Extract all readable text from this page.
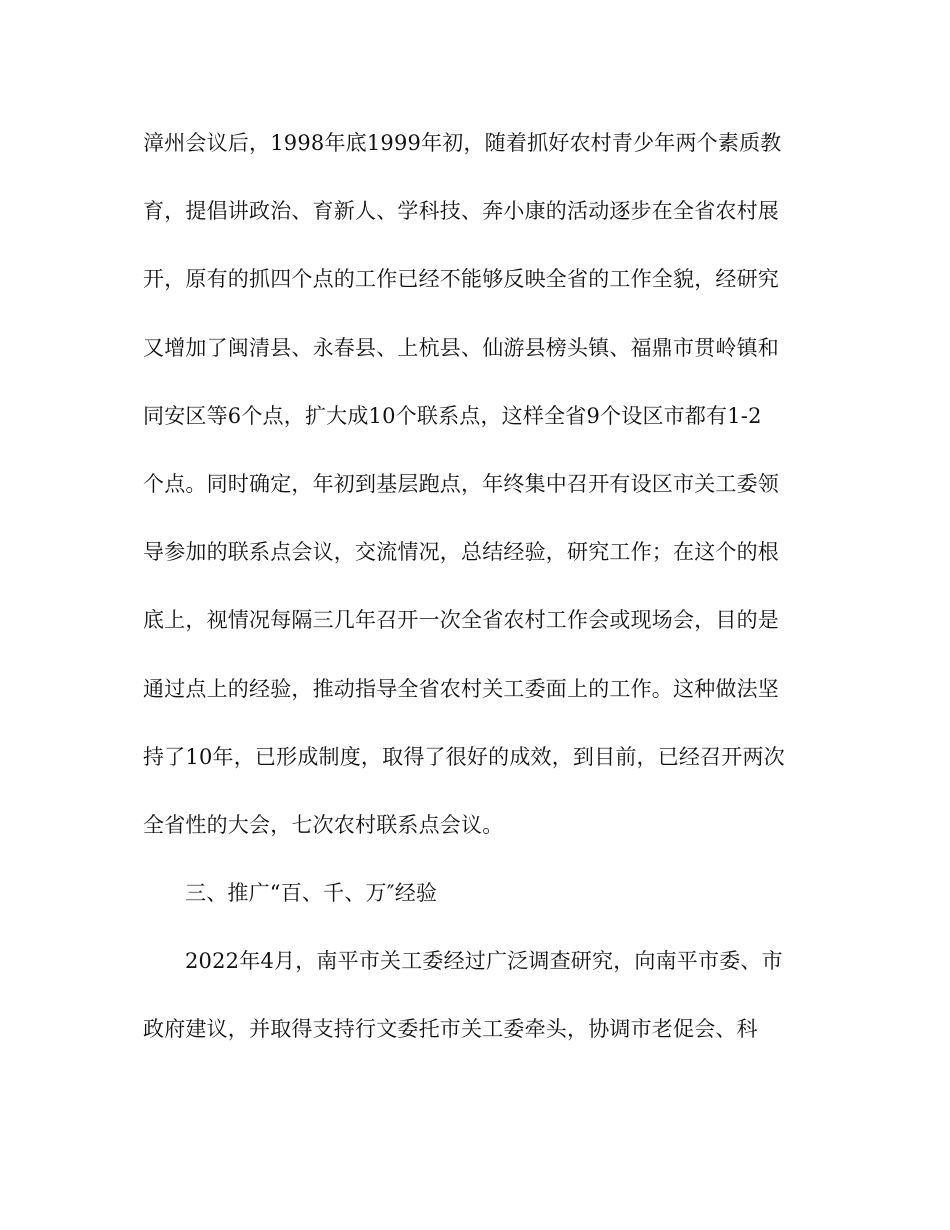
漳州会议后，1998年底1999年初，随着抓好农村青少年两个素质教
育，提倡讲政治、育新人、学科技、奔小康的活动逐步在全省农村展
开，原有的抓四个点的工作已经不能够反映全省的工作全貌，经研究
又增加了闽清县、永春县、上杭县、仙游县榜头镇、福鼎市贯岭镇和
同安区等6个点，扩大成10个联系点，这样全省9个设区市都有1-2
个点。同时确定，年初到基层跑点，年终集中召开有设区市关工委领
导参加的联系点会议，交流情况，总结经验，研究工作；在这个的根
底上，视情况每隔三几年召开一次全省农村工作会或现场会，目的是
通过点上的经验，推动指导全省农村关工委面上的工作。这种做法坚
持了10年，已形成制度，取得了很好的成效，到目前，已经召开两次
全省性的大会，七次农村联系点会议。
三、推广“百、千、万″经验
2022年4月，南平市关工委经过广泛调查研究，向南平市委、市
政府建议，并取得支持行文委托市关工委牵头，协调市老促会、科
